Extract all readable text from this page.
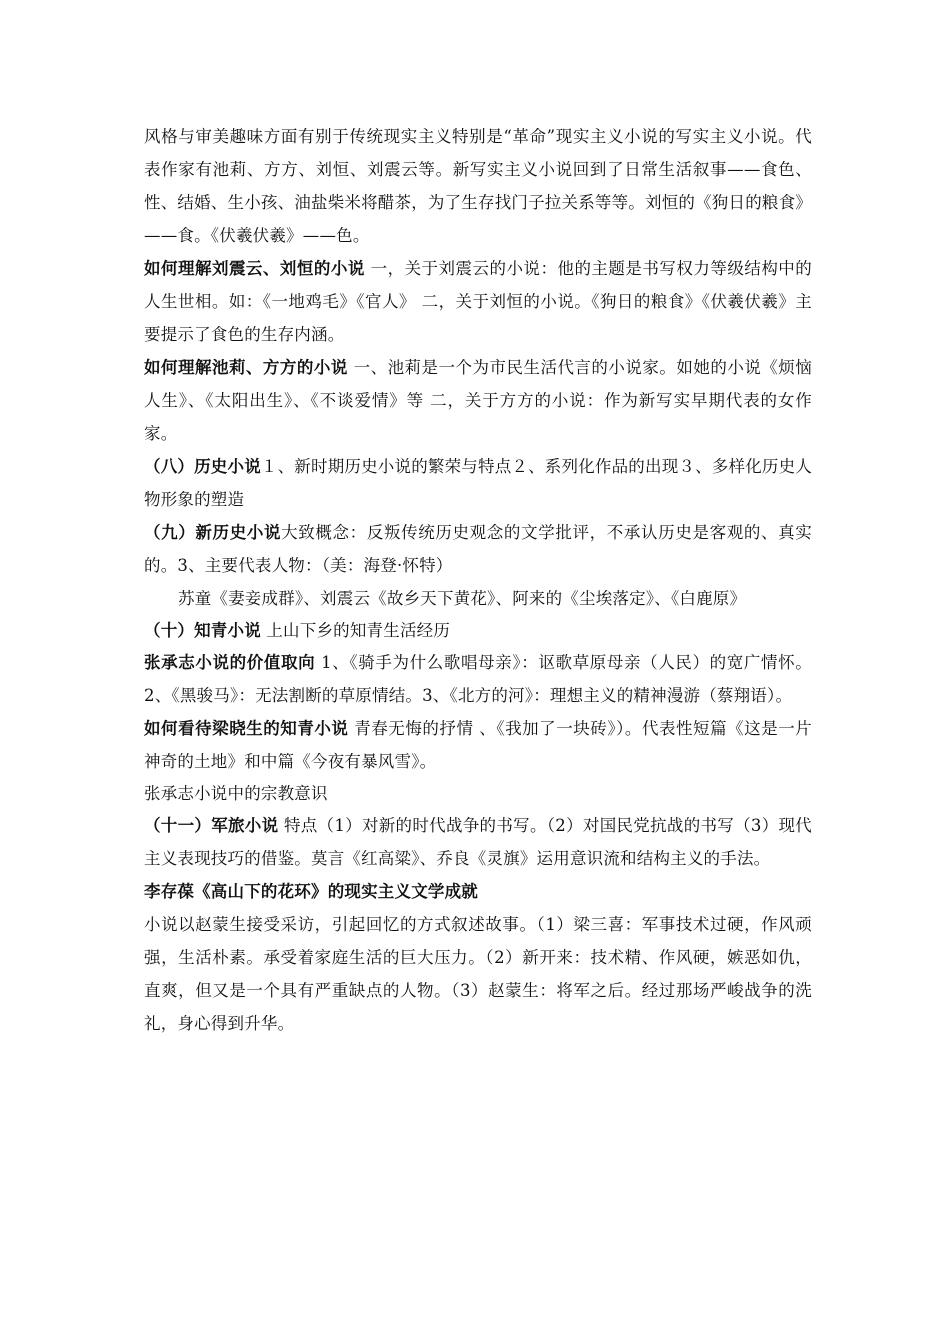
风格与审美趣味方面有别于传统现实主义特别是“革命”现实主义小说的写实主义小说。代表作家有池莉、方方、刘恒、刘震云等。新写实主义小说回到了日常生活叙事——食色、性、结婚、生小孩、油盐柴米将醋茶，为了生存找门子拉关系等等。刘恒的《狗日的粮食》——食。《伏羲伏羲》——色。

如何理解刘震云、刘恒的小说 一，关于刘震云的小说：他的主题是书写权力等级结构中的人生世相。如：《一地鸡毛》《官人》 二，关于刘恒的小说。《狗日的粮食》《伏羲伏羲》主要提示了食色的生存内涵。

如何理解池莉、方方的小说 一、池莉是一个为市民生活代言的小说家。如她的小说《烦恼人生》、《太阳出生》、《不谈爱情》等 二，关于方方的小说：作为新写实早期代表的女作家。

（八）历史小说１、新时期历史小说的繁荣与特点２、系列化作品的出现３、多样化历史人物形象的塑造

（九）新历史小说大致概念：反叛传统历史观念的文学批评，不承认历史是客观的、真实的。3、主要代表人物：（美：海登·怀特）

苏童《妻妾成群》、刘震云《故乡天下黄花》、阿来的《尘埃落定》、《白鹿原》

（十）知青小说 上山下乡的知青生活经历

张承志小说的价值取向 1、《骑手为什么歌唱母亲》：讴歌草原母亲（人民）的宽广情怀。2、《黑骏马》：无法割断的草原情结。3、《北方的河》：理想主义的精神漫游（蔡翔语）。

如何看待梁晓生的知青小说 青春无悔的抒情 、《我加了一块砖》）。代表性短篇《这是一片神奇的土地》和中篇《今夜有暴风雪》。

张承志小说中的宗教意识

（十一）军旅小说 特点（1）对新的时代战争的书写。（2）对国民党抗战的书写（3）现代主义表现技巧的借鉴。莫言《红高粱》、乔良《灵旗》运用意识流和结构主义的手法。

李存葆《高山下的花环》的现实主义文学成就

小说以赵蒙生接受采访，引起回忆的方式叙述故事。（1）梁三喜：军事技术过硬，作风顽强，生活朴素。承受着家庭生活的巨大压力。（2）新开来：技术精、作风硬，嫉恶如仇，直爽，但又是一个具有严重缺点的人物。（3）赵蒙生：将军之后。经过那场严峻战争的洗礼，身心得到升华。
